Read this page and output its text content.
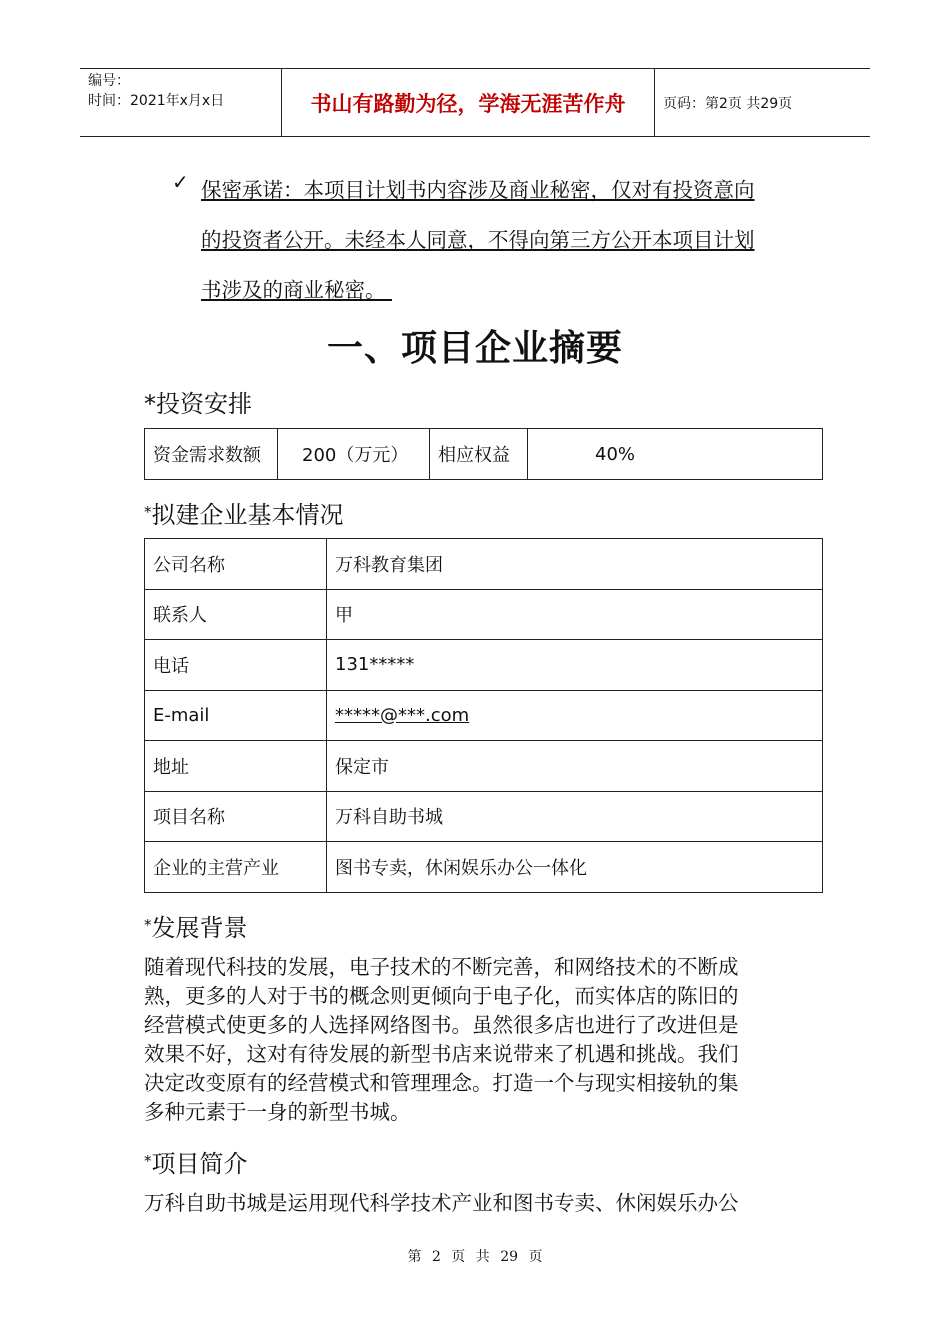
编号：
时间：2021年x月x日	书山有路勤为径，学海无涯苦作舟	页码：第2页 共29页
✓ 保密承诺：本项目计划书内容涉及商业秘密，仅对有投资意向
的投资者公开。未经本人同意，不得向第三方公开本项目计划
书涉及的商业秘密。
一、项目企业摘要
*投资安排
资金需求数额	200（万元）	相应权益	40%
*拟建企业基本情况
公司名称	万科教育集团
联系人	甲
电话	131*****
E-mail	*****@***.com
地址	保定市
项目名称	万科自助书城
企业的主营产业	图书专卖，休闲娱乐办公一体化
*发展背景
随着现代科技的发展，电子技术的不断完善，和网络技术的不断成
熟，更多的人对于书的概念则更倾向于电子化，而实体店的陈旧的
经营模式使更多的人选择网络图书。虽然很多店也进行了改进但是
效果不好，这对有待发展的新型书店来说带来了机遇和挑战。我们
决定改变原有的经营模式和管理理念。打造一个与现实相接轨的集
多种元素于一身的新型书城。
*项目简介
万科自助书城是运用现代科学技术产业和图书专卖、休闲娱乐办公
第 2 页 共 29 页
